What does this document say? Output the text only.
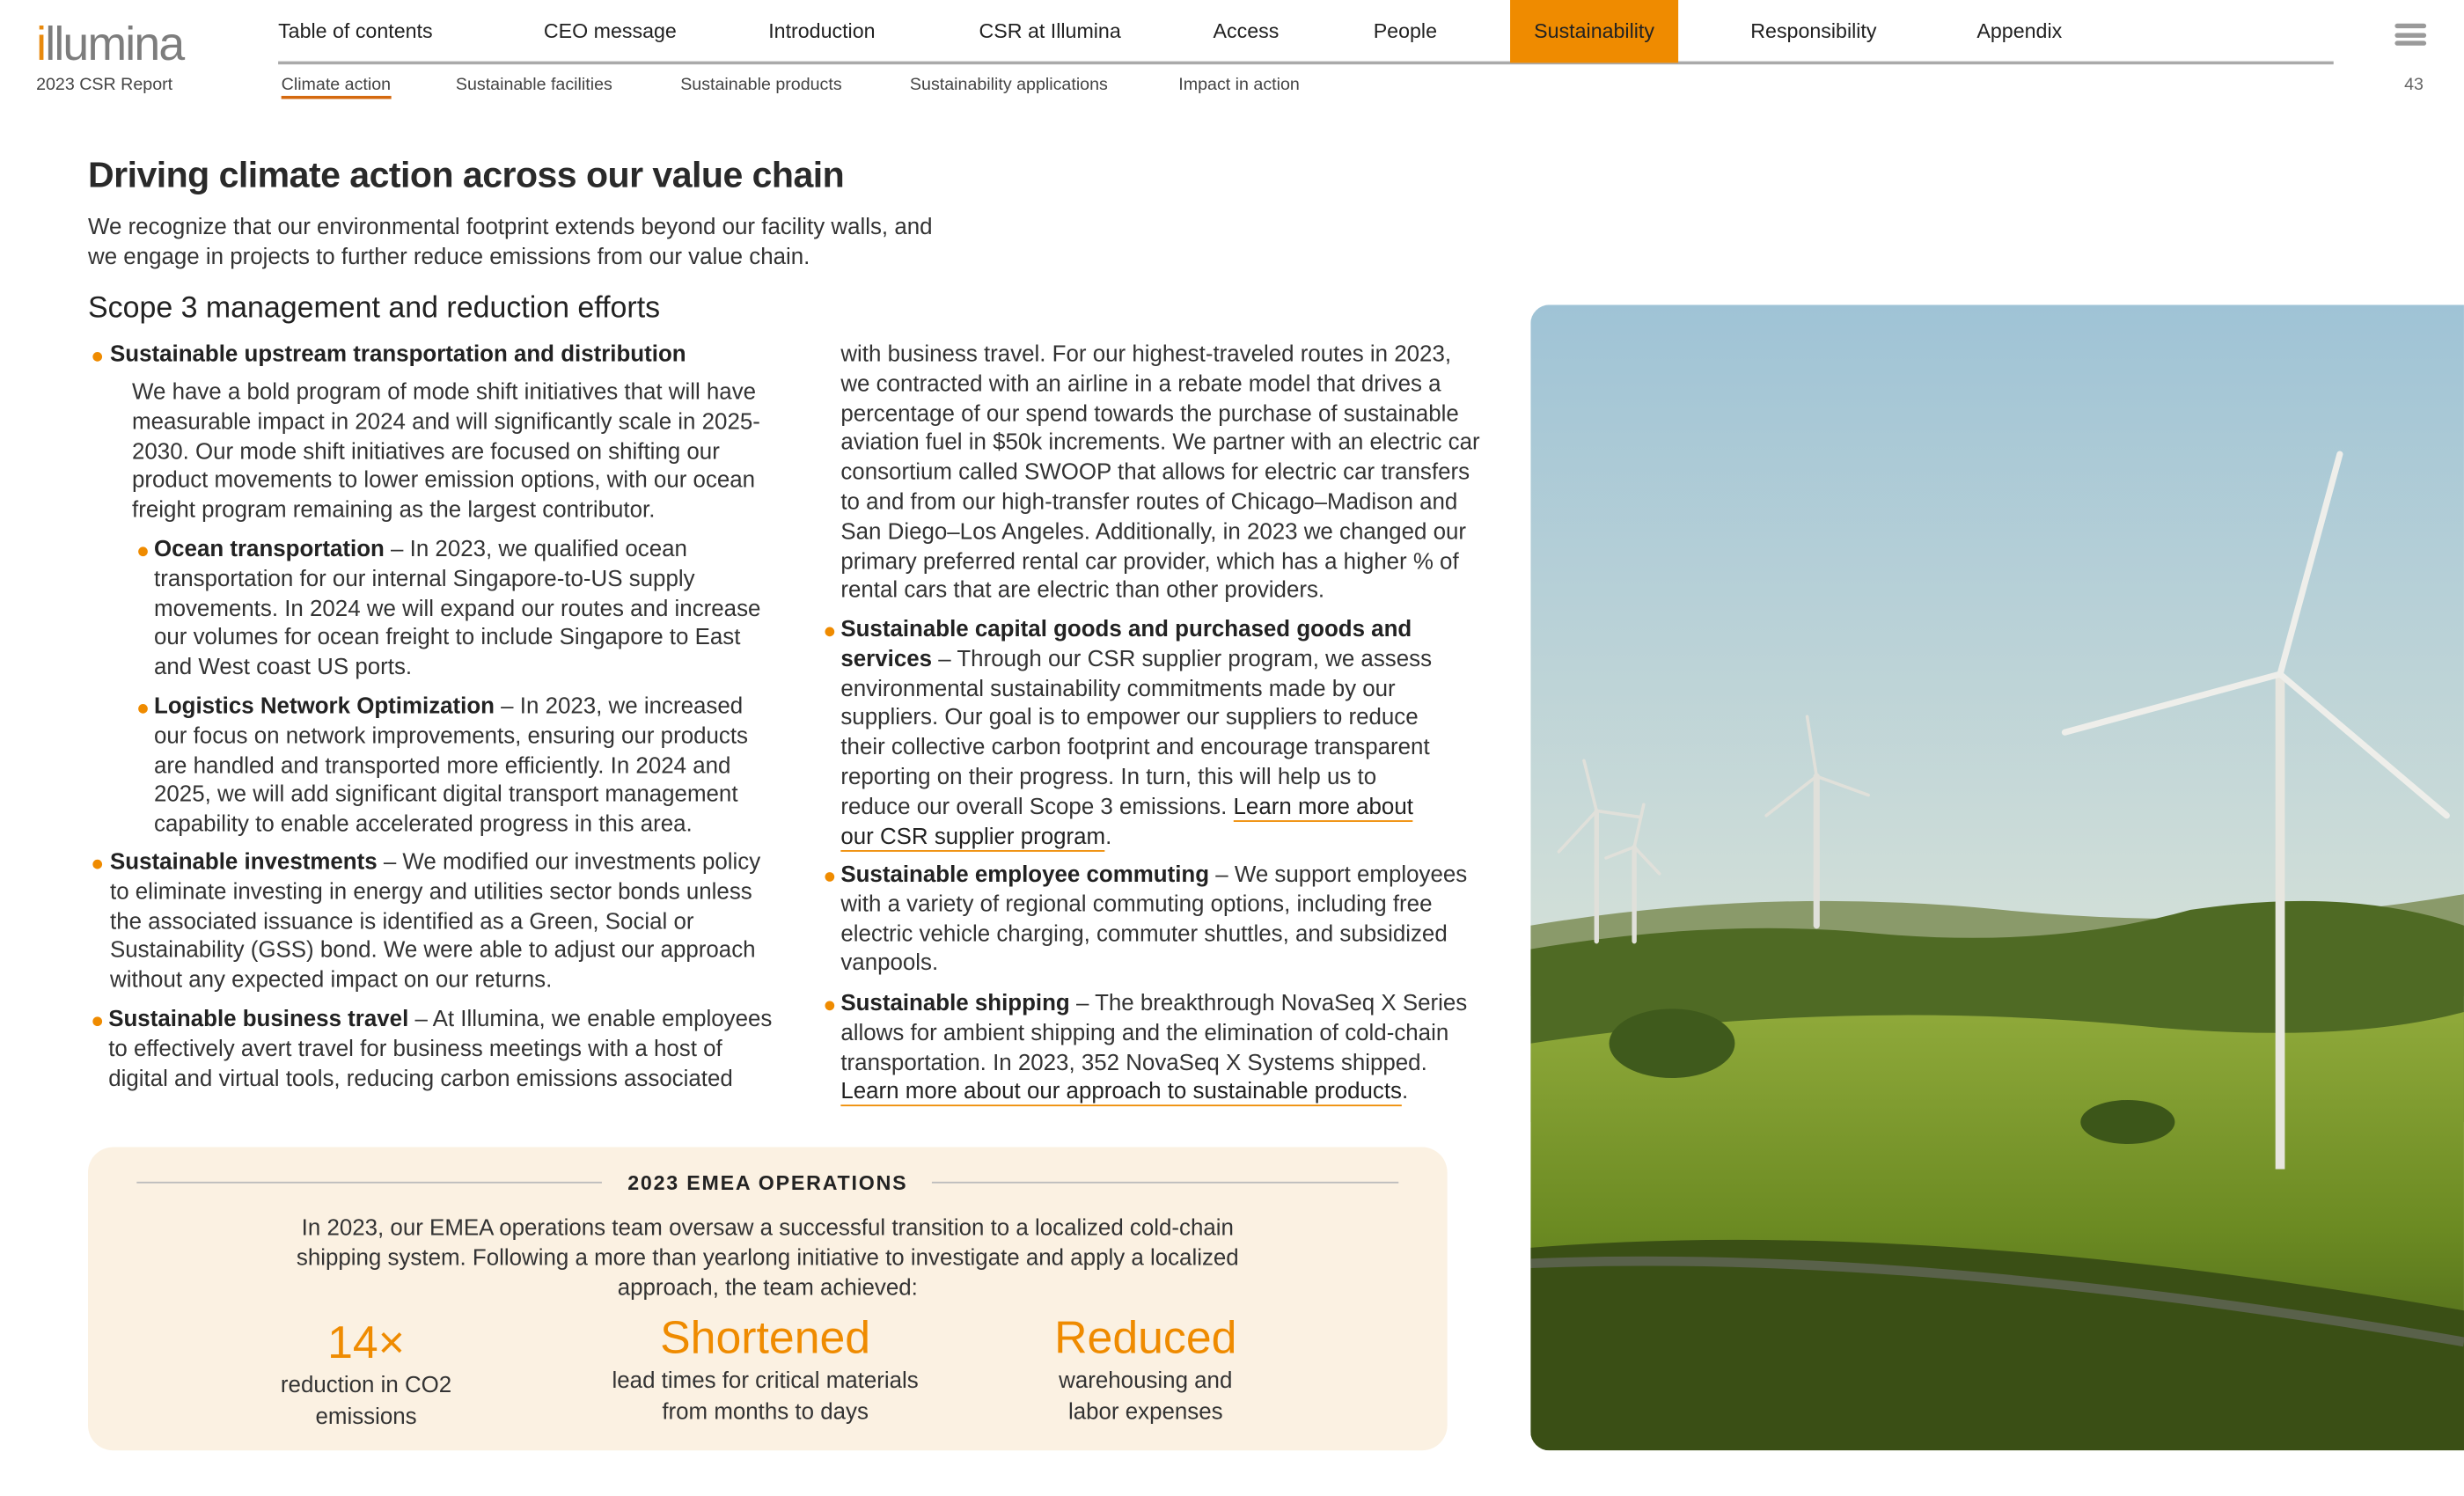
illumina
2023 CSR Report
Table of contents	CEO message	Introduction	CSR at Illumina	Access	People	Sustainability	Responsibility	Appendix
Climate action	Sustainable facilities	Sustainable products	Sustainability applications	Impact in action	43
Driving climate action across our value chain
We recognize that our environmental footprint extends beyond our facility walls, and we engage in projects to further reduce emissions from our value chain.
Scope 3 management and reduction efforts
Sustainable upstream transportation and distribution
We have a bold program of mode shift initiatives that will have measurable impact in 2024 and will significantly scale in 2025-2030. Our mode shift initiatives are focused on shifting our product movements to lower emission options, with our ocean freight program remaining as the largest contributor.
Ocean transportation – In 2023, we qualified ocean transportation for our internal Singapore-to-US supply movements. In 2024 we will expand our routes and increase our volumes for ocean freight to include Singapore to East and West coast US ports.
Logistics Network Optimization – In 2023, we increased our focus on network improvements, ensuring our products are handled and transported more efficiently. In 2024 and 2025, we will add significant digital transport management capability to enable accelerated progress in this area.
Sustainable investments – We modified our investments policy to eliminate investing in energy and utilities sector bonds unless the associated issuance is identified as a Green, Social or Sustainability (GSS) bond. We were able to adjust our approach without any expected impact on our returns.
Sustainable business travel – At Illumina, we enable employees to effectively avert travel for business meetings with a host of digital and virtual tools, reducing carbon emissions associated
with business travel. For our highest-traveled routes in 2023, we contracted with an airline in a rebate model that drives a percentage of our spend towards the purchase of sustainable aviation fuel in $50k increments. We partner with an electric car consortium called SWOOP that allows for electric car transfers to and from our high-transfer routes of Chicago–Madison and San Diego–Los Angeles. Additionally, in 2023 we changed our primary preferred rental car provider, which has a higher % of rental cars that are electric than other providers.
Sustainable capital goods and purchased goods and services – Through our CSR supplier program, we assess environmental sustainability commitments made by our suppliers. Our goal is to empower our suppliers to reduce their collective carbon footprint and encourage transparent reporting on their progress. In turn, this will help us to reduce our overall Scope 3 emissions. Learn more about our CSR supplier program.
Sustainable employee commuting – We support employees with a variety of regional commuting options, including free electric vehicle charging, commuter shuttles, and subsidized vanpools.
Sustainable shipping – The breakthrough NovaSeq X Series allows for ambient shipping and the elimination of cold-chain transportation. In 2023, 352 NovaSeq X Systems shipped. Learn more about our approach to sustainable products.
2023 EMEA OPERATIONS
In 2023, our EMEA operations team oversaw a successful transition to a localized cold-chain shipping system. Following a more than yearlong initiative to investigate and apply a localized approach, the team achieved:
14×
reduction in CO2 emissions
Shortened
lead times for critical materials from months to days
Reduced
warehousing and labor expenses
